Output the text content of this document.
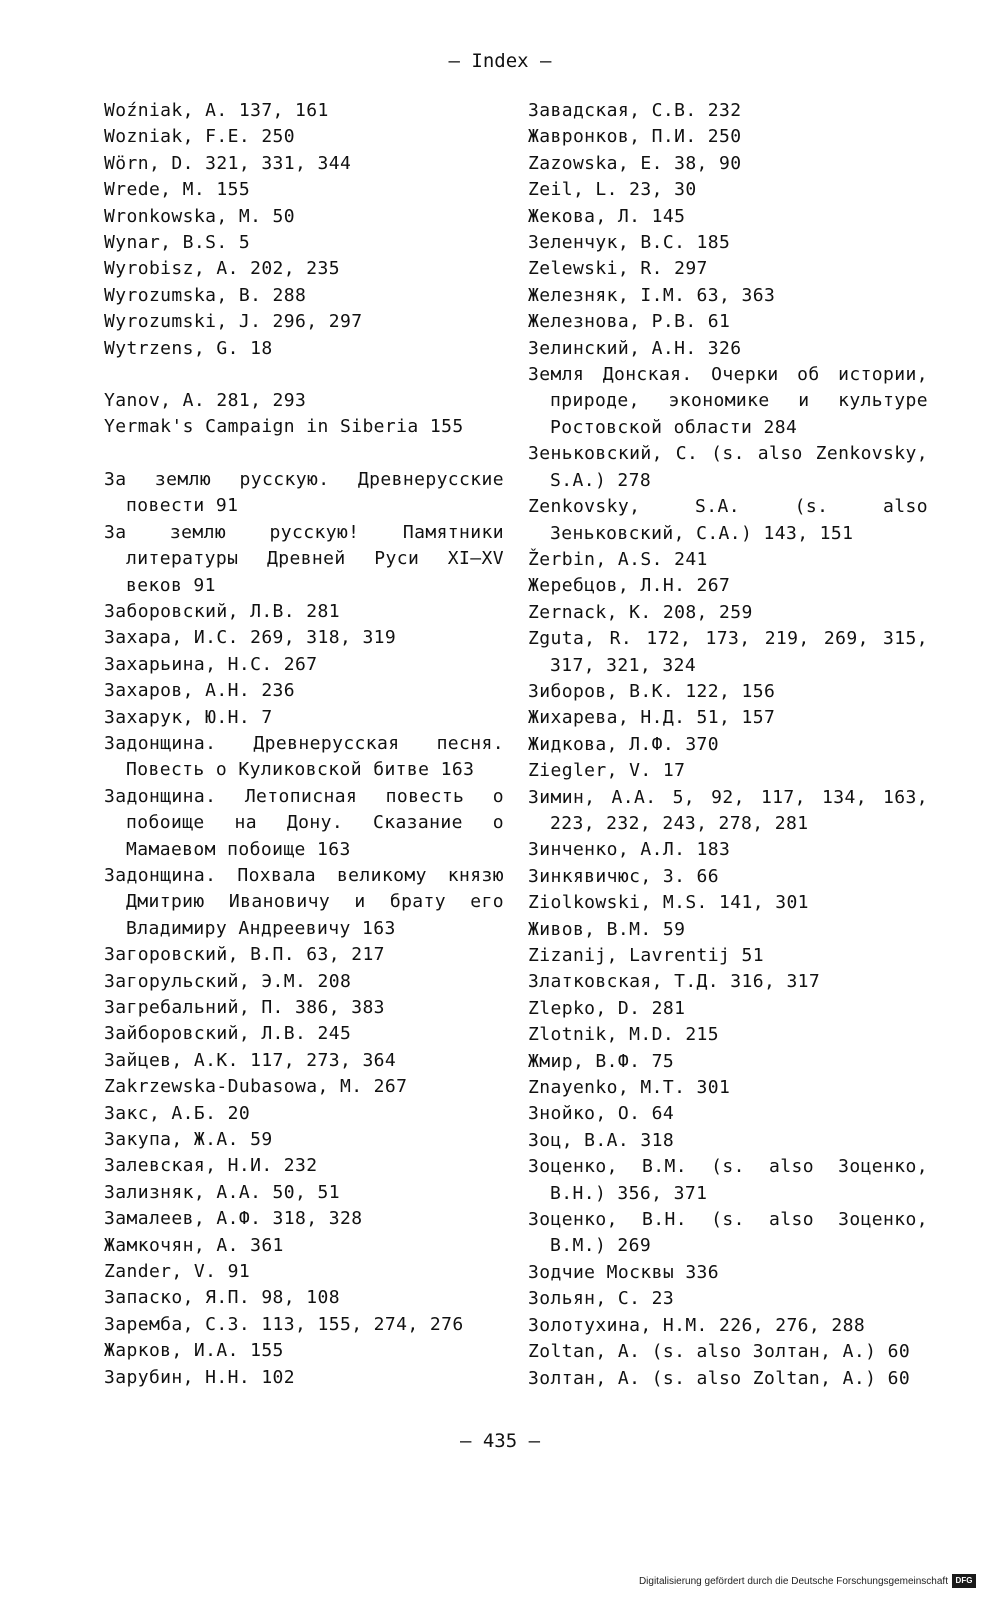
– Index –
Woźniak, A. 137, 161
Wozniak, F.E. 250
Wörn, D. 321, 331, 344
Wrede, M. 155
Wronkowska, M. 50
Wynar, B.S. 5
Wyrobisz, A. 202, 235
Wyrozumska, B. 288
Wyrozumski, J. 296, 297
Wytrzens, G. 18
Yanov, A. 281, 293
Yermak's Campaign in Siberia 155
За землю русскую. Древнерусские повести 91
За землю русскую! Памятники литературы Древней Руси XI–XV веков 91
Заборовский, Л.В. 281
Захара, И.С. 269, 318, 319
Захарьина, Н.С. 267
Захаров, А.Н. 236
Захарук, Ю.Н. 7
Задонщина. Древнерусская песня. Повесть о Куликовской битве 163
Задонщина. Летописная повесть о побоище на Дону. Сказание о Мамаевом побоище 163
Задонщина. Похвала великому князю Дмитрию Ивановичу и брату его Владимиру Андреевичу 163
Загоровский, В.П. 63, 217
Загорульский, Э.М. 208
Загребальний, П. 386, 383
Зайборовский, Л.В. 245
Зайцев, А.К. 117, 273, 364
Zakrzewska-Dubasowa, M. 267
Закс, А.Б. 20
Закупа, Ж.А. 59
Залевская, Н.И. 232
Зализняк, А.А. 50, 51
Замалеев, А.Ф. 318, 328
Жамкочян, А. 361
Zander, V. 91
Запаско, Я.П. 98, 108
Заремба, С.З. 113, 155, 274, 276
Жарков, И.А. 155
Зарубин, Н.Н. 102
Завадская, С.В. 232
Жавронков, П.И. 250
Zazowska, E. 38, 90
Zeil, L. 23, 30
Жекова, Л. 145
Зеленчук, В.С. 185
Zelewski, R. 297
Железняк, I.M. 63, 363
Железнова, Р.В. 61
Зелинский, А.Н. 326
Земля Донская. Очерки об истории, природе, экономике и культуре Ростовской области 284
Зеньковский, С. (s. also Zenkovsky, S.A.) 278
Zenkovsky, S.A. (s. also Зеньковский, С.А.) 143, 151
Žerbin, A.S. 241
Жеребцов, Л.Н. 267
Zernack, K. 208, 259
Zguta, R. 172, 173, 219, 269, 315, 317, 321, 324
Зиборов, В.К. 122, 156
Жихарева, Н.Д. 51, 157
Жидкова, Л.Ф. 370
Ziegler, V. 17
Зимин, А.А. 5, 92, 117, 134, 163, 223, 232, 243, 278, 281
Зинченко, А.Л. 183
Зинкявичюс, З. 66
Ziolkowski, M.S. 141, 301
Живов, В.М. 59
Zizanij, Lavrentij 51
Златковская, Т.Д. 316, 317
Zlepko, D. 281
Zlotnik, M.D. 215
Жмир, В.Ф. 75
Znayenko, M.T. 301
Знойко, О. 64
Зоц, В.А. 318
Зоценко, В.М. (s. also Зоценко, В.Н.) 356, 371
Зоценко, В.Н. (s. also Зоценко, В.М.) 269
Зодчие Москвы 336
Зольян, С. 23
Золотухина, Н.М. 226, 276, 288
Zoltan, A. (s. also Золтан, А.) 60
Золтан, А. (s. also Zoltan, A.) 60
– 435 –
Digitalisierung gefördert durch die Deutsche Forschungsgemeinschaft DFG
